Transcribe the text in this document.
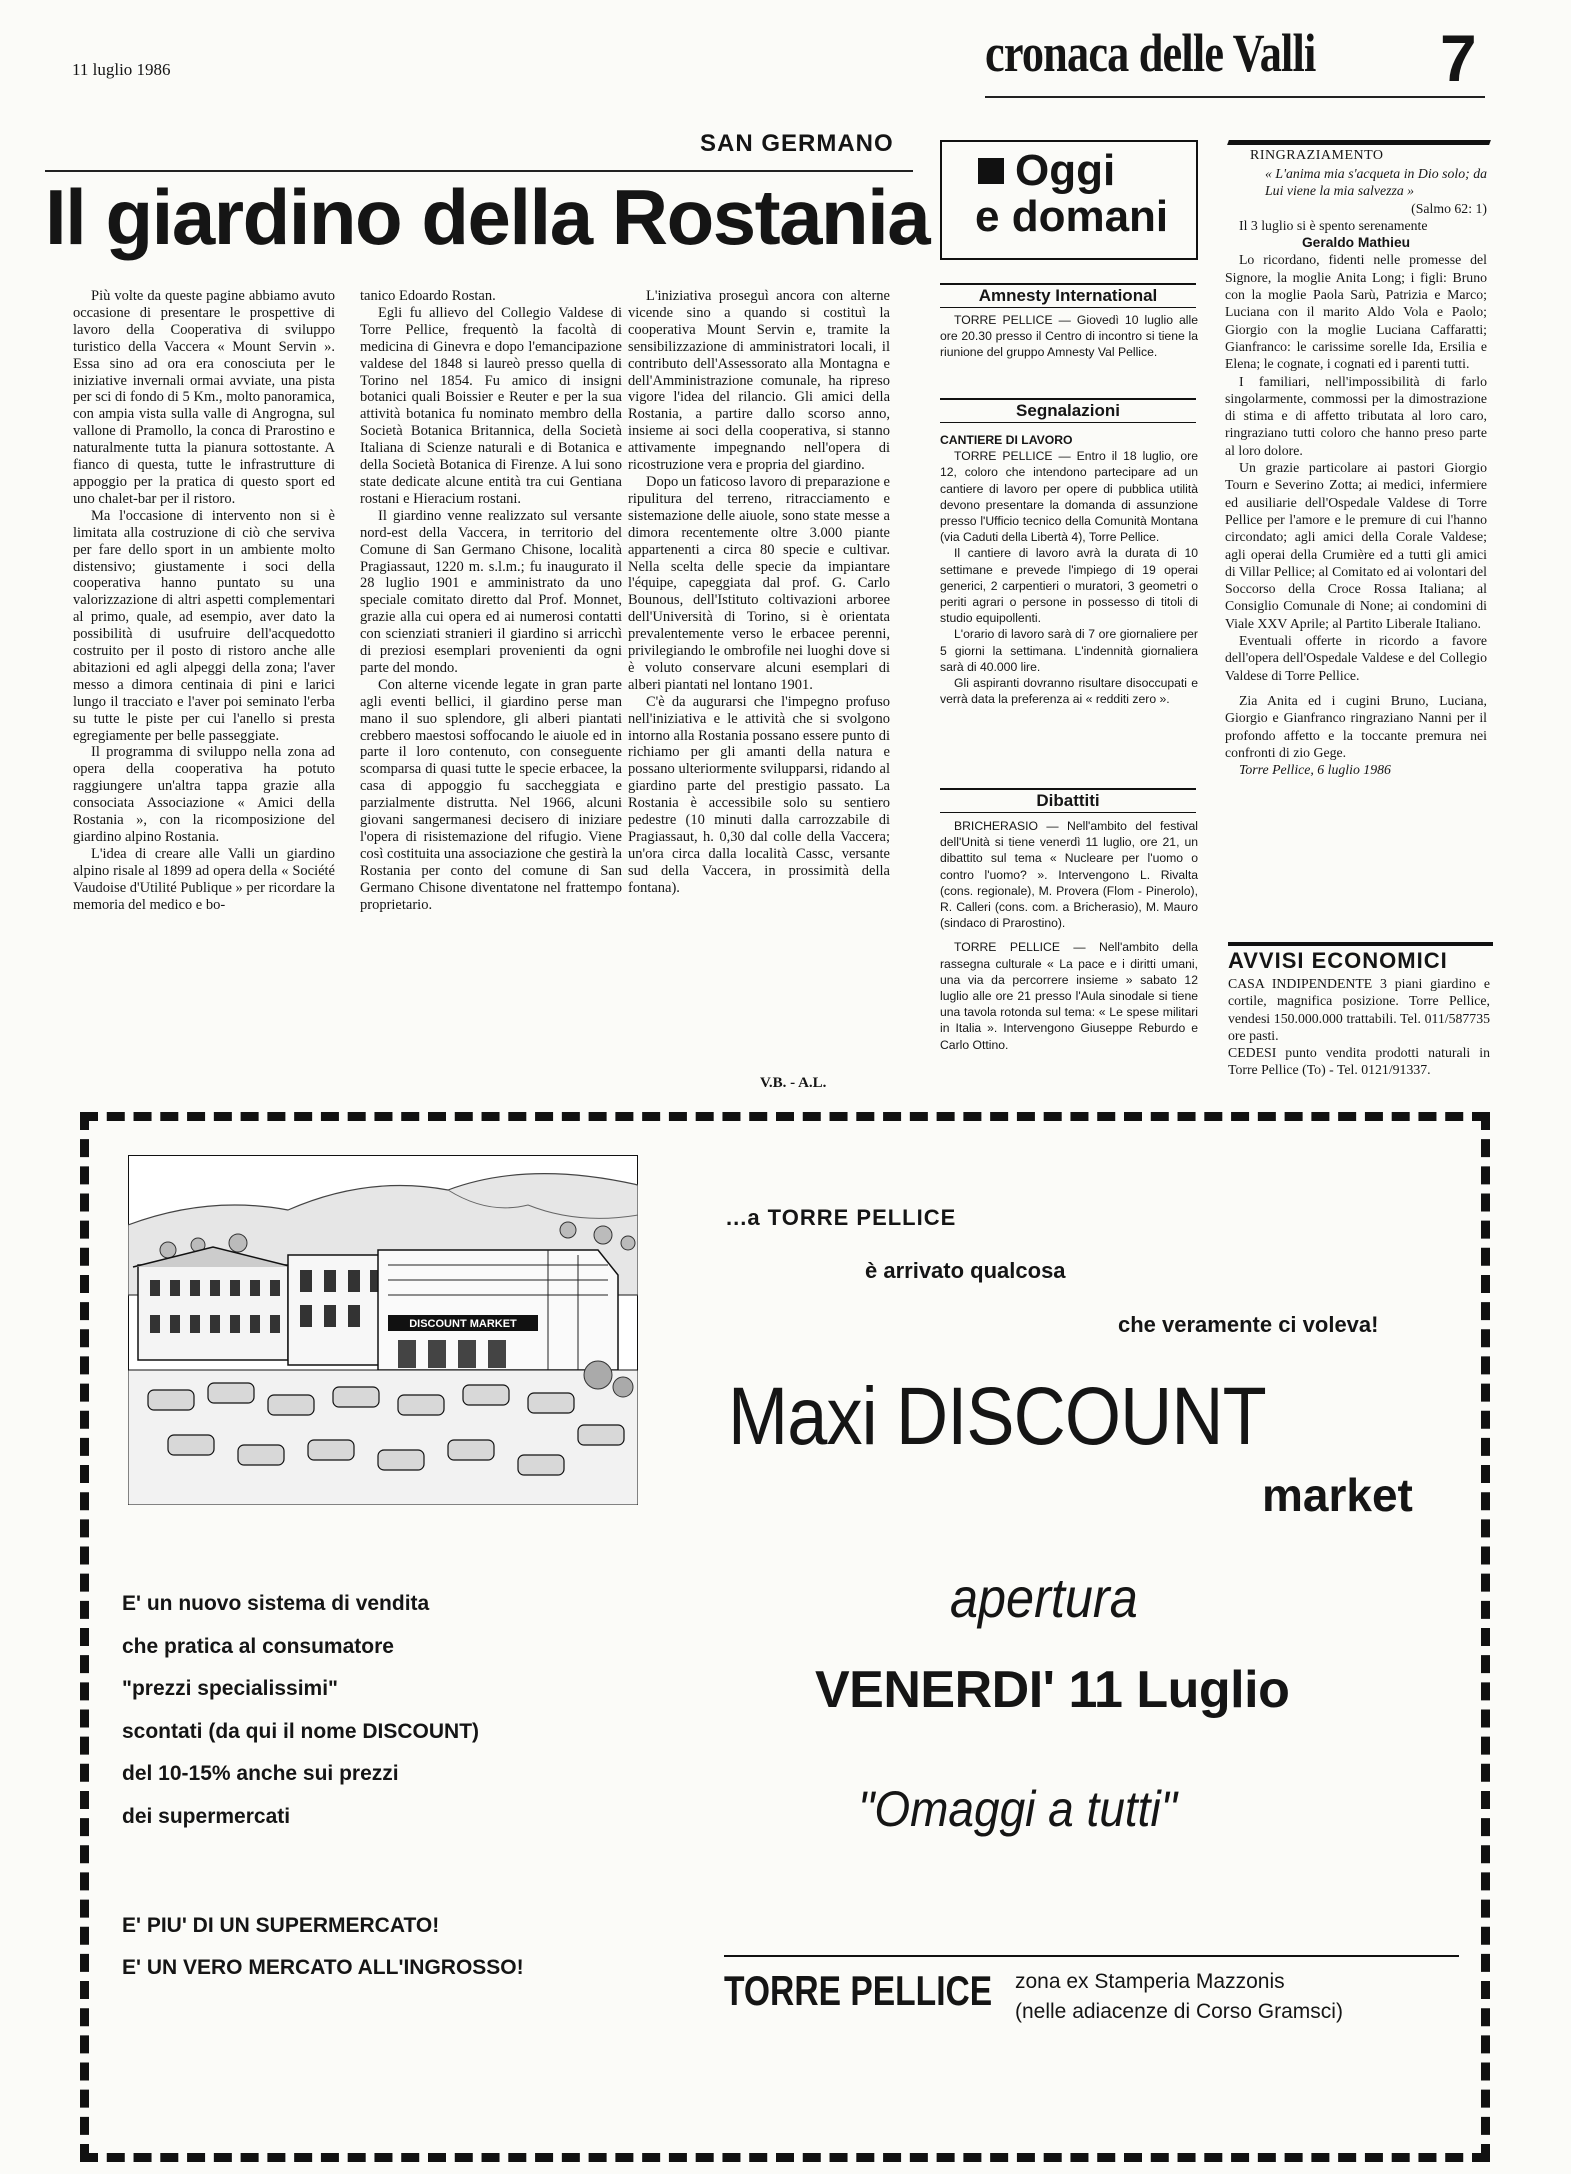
11 luglio 1986	cronaca delle Valli 7
SAN GERMANO
Il giardino della Rostania

Più volte da queste pagine abbiamo avuto occasione di presentare le prospettive di lavoro della Cooperativa di sviluppo turistico della Vaccera « Mount Servin ». Essa sino ad ora era conosciuta per le iniziative invernali ormai avviate, una pista per sci di fondo di 5 Km., molto panoramica, con ampia vista sulla valle di Angrogna, sul vallone di Pramollo, la conca di Prarostino e naturalmente tutta la pianura sottostante. A fianco di questa, tutte le infrastrutture di appoggio per la pratica di questo sport ed uno chalet-bar per il ristoro.

Ma l'occasione di intervento non si è limitata alla costruzione di ciò che serviva per fare dello sport in un ambiente molto distensivo; giustamente i soci della cooperativa hanno puntato su una valorizzazione di altri aspetti complementari al primo, quale, ad esempio, aver dato la possibilità di usufruire dell'acquedotto costruito per il posto di ristoro anche alle abitazioni ed agli alpeggi della zona; l'aver messo a dimora centinaia di pini e larici lungo il tracciato e l'aver poi seminato l'erba su tutte le piste per cui l'anello si presta egregiamente per belle passeggiate.

Il programma di sviluppo nella zona ad opera della cooperativa ha potuto raggiungere un'altra tappa grazie alla consociata Associazione « Amici della Rostania », con la ricomposizione del giardino alpino Rostania.

L'idea di creare alle Valli un giardino alpino risale al 1899 ad opera della « Société Vaudoise d'Utilité Publique » per ricordare la memoria del medico e bo-

tanico Edoardo Rostan.

Egli fu allievo del Collegio Valdese di Torre Pellice, frequentò la facoltà di medicina di Ginevra e dopo l'emancipazione valdese del 1848 si laureò presso quella di Torino nel 1854. Fu amico di insigni botanici quali Boissier e Reuter e per la sua attività botanica fu nominato membro della Società Botanica Britannica, della Società Italiana di Scienze naturali e di Botanica e della Società Botanica di Firenze. A lui sono state dedicate alcune entità tra cui Gentiana rostani e Hieracium rostani.

Il giardino venne realizzato sul versante nord-est della Vaccera, in territorio del Comune di San Germano Chisone, località Pragiassaut, 1220 m. s.l.m.; fu inaugurato il 28 luglio 1901 e amministrato da uno speciale comitato diretto dal Prof. Monnet, grazie alla cui opera ed ai numerosi contatti con scienziati stranieri il giardino si arricchì di preziosi esemplari provenienti da ogni parte del mondo.

Con alterne vicende legate in gran parte agli eventi bellici, il giardino perse man mano il suo splendore, gli alberi piantati crebbero maestosi soffocando le aiuole ed in parte il loro contenuto, con conseguente scomparsa di quasi tutte le specie erbacee, la casa di appoggio fu saccheggiata e parzialmente distrutta. Nel 1966, alcuni giovani sangermanesi decisero di iniziare l'opera di risistemazione del rifugio. Viene così costituita una associazione che gestirà la Rostania per conto del comune di San Germano Chisone diventatone nel frattempo proprietario.

L'iniziativa proseguì ancora con alterne vicende sino a quando si costituì la cooperativa Mount Servin e, tramite la sensibilizzazione di amministratori locali, il contributo dell'Assessorato alla Montagna e dell'Amministrazione comunale, ha ripreso vigore l'idea del rilancio. Gli amici della Rostania, a partire dallo scorso anno, insieme ai soci della cooperativa, si stanno attivamente impegnando nell'opera di ricostruzione vera e propria del giardino.

Dopo un faticoso lavoro di preparazione e ripulitura del terreno, ritracciamento e sistemazione delle aiuole, sono state messe a dimora recentemente oltre 3.000 piante appartenenti a circa 80 specie e cultivar. Nella scelta delle specie da impiantare l'équipe, capeggiata dal prof. G. Carlo Bounous, dell'Istituto coltivazioni arboree dell'Università di Torino, si è orientata prevalentemente verso le erbacee perenni, privilegiando le ombrofile nei luoghi dove si è voluto conservare alcuni esemplari di alberi piantati nel lontano 1901.

C'è da augurarsi che l'impegno profuso nell'iniziativa e le attività che si svolgono intorno alla Rostania possano essere punto di richiamo per gli amanti della natura e possano ulteriormente svilupparsi, ridando al giardino parte del prestigio passato. La Rostania è accessibile solo su sentiero pedestre (10 minuti dalla carrozzabile di Pragiassaut, h. 0,30 dal colle della Vaccera; un'ora circa dalla località Cassc, versante sud della Vaccera, in prossimità della fontana).

V.B. - A.L.
Oggi
e domani
Amnesty International

TORRE PELLICE — Giovedì 10 luglio alle ore 20.30 presso il Centro di incontro si tiene la riunione del gruppo Amnesty Val Pellice.

Segnalazioni

CANTIERE DI LAVORO

TORRE PELLICE — Entro il 18 luglio, ore 12, coloro che intendono partecipare ad un cantiere di lavoro per opere di pubblica utilità devono presentare la domanda di assunzione presso l'Ufficio tecnico della Comunità Montana (via Caduti della Libertà 4), Torre Pellice.

Il cantiere di lavoro avrà la durata di 10 settimane e prevede l'impiego di 19 operai generici, 2 carpentieri o muratori, 3 geometri o periti agrari o persone in possesso di titoli di studio equipollenti.

L'orario di lavoro sarà di 7 ore giornaliere per 5 giorni la settimana. L'indennità giornaliera sarà di 40.000 lire.

Gli aspiranti dovranno risultare disoccupati e verrà data la preferenza ai « redditi zero ».

Dibattiti

BRICHERASIO — Nell'ambito del festival dell'Unità si tiene venerdì 11 luglio, ore 21, un dibattito sul tema « Nucleare per l'uomo o contro l'uomo? ». Intervengono L. Rivalta (cons. regionale), M. Provera (Flom - Pinerolo), R. Calleri (cons. com. a Bricherasio), M. Mauro (sindaco di Prarostino).

TORRE PELLICE — Nell'ambito della rassegna culturale « La pace e i diritti umani, una via da percorrere insieme » sabato 12 luglio alle ore 21 presso l'Aula sinodale si tiene una tavola rotonda sul tema: « Le spese militari in Italia ». Intervengono Giuseppe Reburdo e Carlo Ottino.

RINGRAZIAMENTO

« L'anima mia s'acqueta in Dio solo; da Lui viene la mia salvezza »

(Salmo 62: 1)

Il 3 luglio si è spento serenamente

Geraldo Mathieu

Lo ricordano, fidenti nelle promesse del Signore, la moglie Anita Long; i figli: Bruno con la moglie Paola Sarù, Patrizia e Marco; Luciana con il marito Aldo Vola e Paolo; Giorgio con la moglie Luciana Caffaratti; Gianfranco: le carissime sorelle Ida, Ersilia e Elena; le cognate, i cognati ed i parenti tutti.

I familiari, nell'impossibilità di farlo singolarmente, commossi per la dimostrazione di stima e di affetto tributata al loro caro, ringraziano tutti coloro che hanno preso parte al loro dolore.

Un grazie particolare ai pastori Giorgio Tourn e Severino Zotta; ai medici, infermiere ed ausiliarie dell'Ospedale Valdese di Torre Pellice per l'amore e le premure di cui l'hanno circondato; agli amici della Corale Valdese; agli operai della Crumière ed a tutti gli amici di Villar Pellice; al Comitato ed ai volontari del Soccorso della Croce Rossa Italiana; al Consiglio Comunale di None; ai condomini di Viale XXV Aprile; al Partito Liberale Italiano.

Eventuali offerte in ricordo a favore dell'opera dell'Ospedale Valdese e del Collegio Valdese di Torre Pellice.

Zia Anita ed i cugini Bruno, Luciana, Giorgio e Gianfranco ringraziano Nanni per il profondo affetto e la toccante premura nei confronti di zio Gege.

Torre Pellice, 6 luglio 1986

AVVISI ECONOMICI

CASA INDIPENDENTE 3 piani giardino e cortile, magnifica posizione. Torre Pellice, vendesi 150.000.000 trattabili. Tel. 011/587735 ore pasti.

CEDESI punto vendita prodotti naturali in Torre Pellice (To) - Tel. 0121/91337.

DISCOUNT MARKET
...a TORRE PELLICE
è arrivato qualcosa
che veramente ci voleva!
Maxi DISCOUNT
market
apertura
VENERDI' 11 Luglio
"Omaggi a tutti"
E' un nuovo sistema di vendita
che pratica al consumatore
"prezzi specialissimi"
scontati (da qui il nome DISCOUNT)
del 10-15% anche sui prezzi
dei supermercati
E' PIU' DI UN SUPERMERCATO!
E' UN VERO MERCATO ALL'INGROSSO!	TORRE PELLICE zona ex Stamperia Mazzonis
(nelle adiacenze di Corso Gramsci)
